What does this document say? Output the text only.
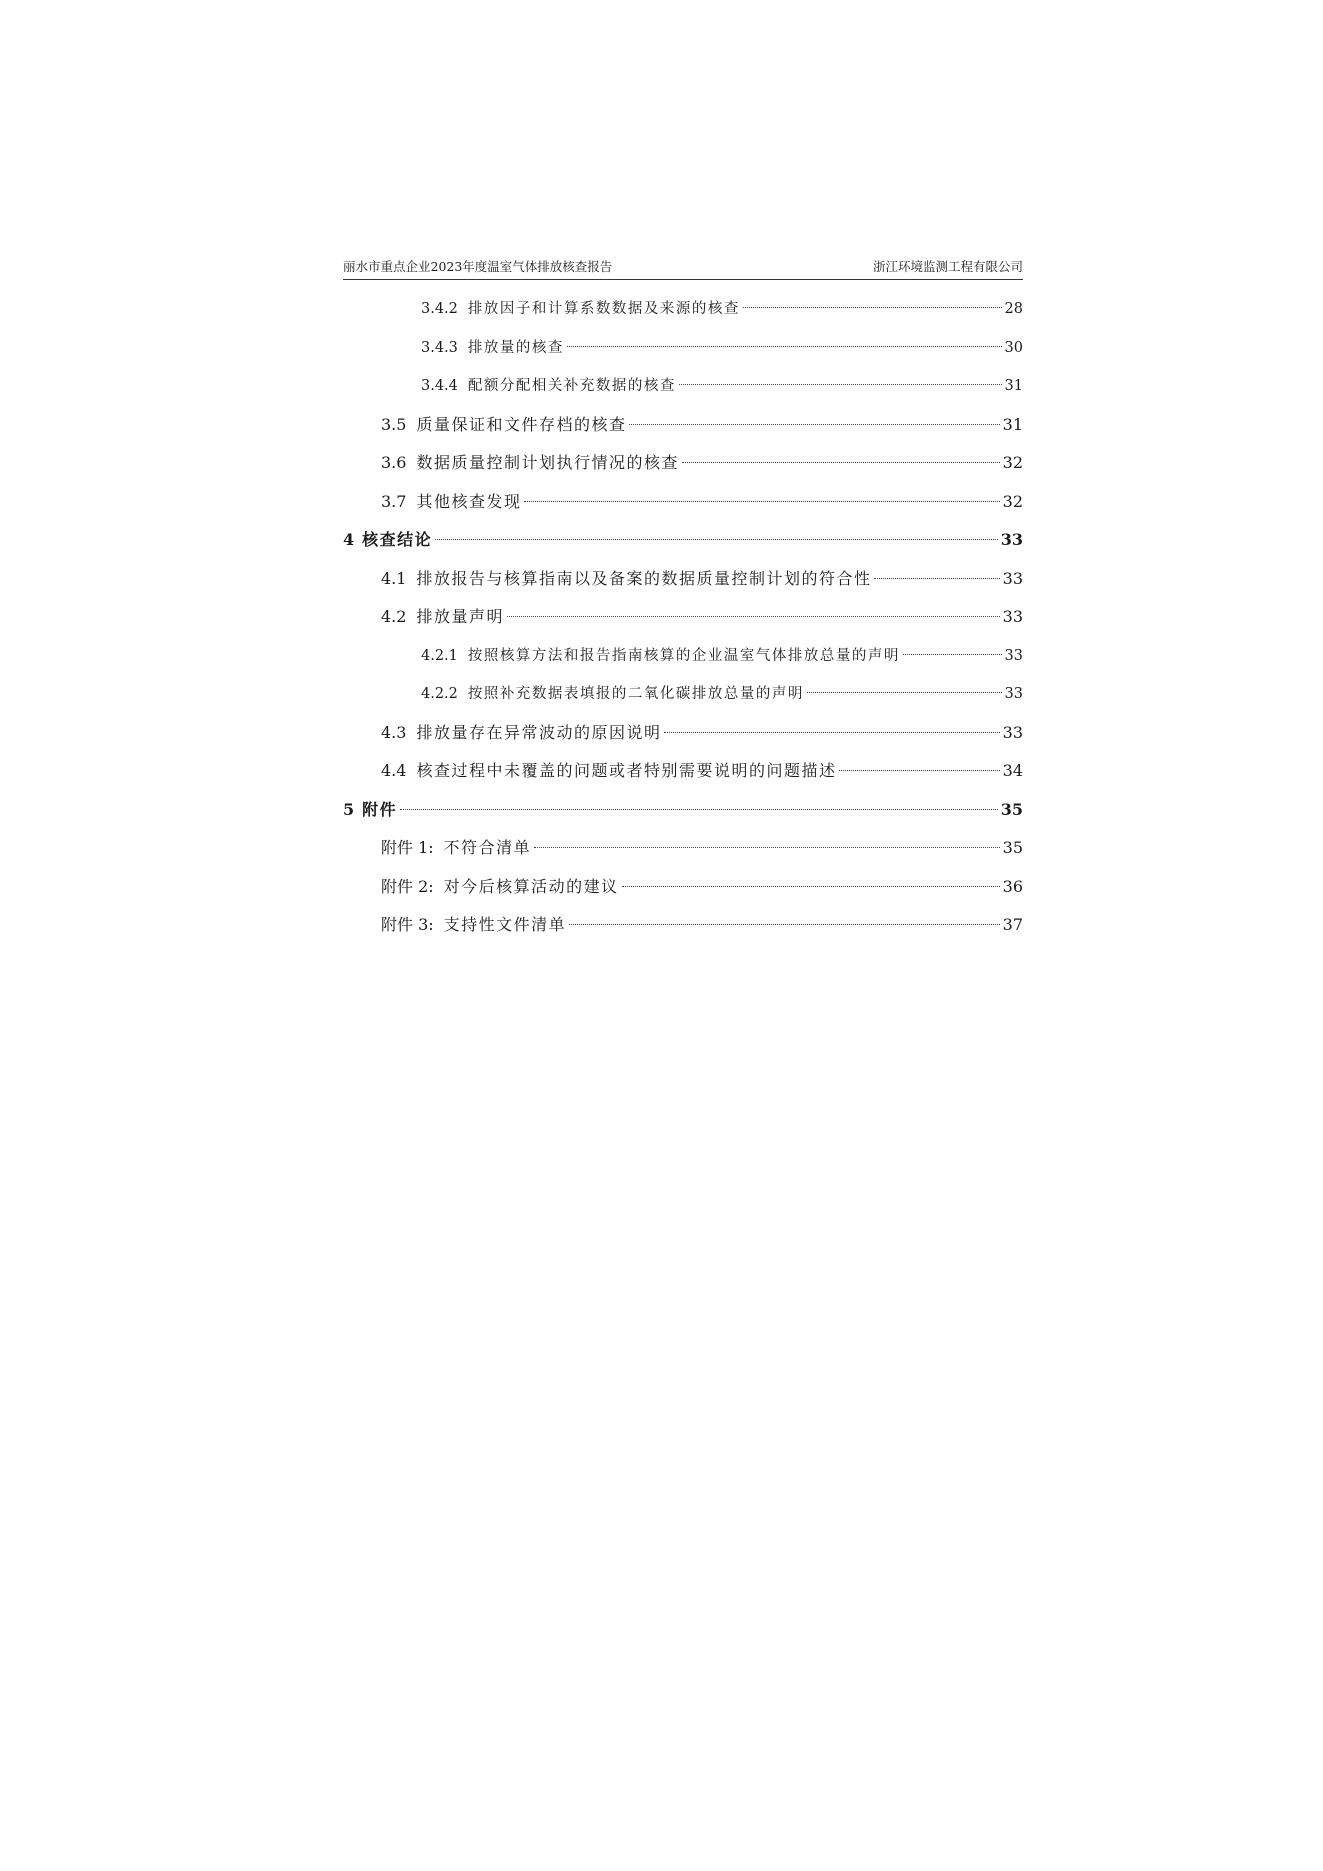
丽水市重点企业2023年度温室气体排放核查报告	浙江环境监测工程有限公司
3.4.2 排放因子和计算系数数据及来源的核查	28
3.4.3 排放量的核查	30
3.4.4 配额分配相关补充数据的核查	31
3.5 质量保证和文件存档的核查	31
3.6 数据质量控制计划执行情况的核查	32
3.7 其他核查发现	32
4 核查结论	33
4.1 排放报告与核算指南以及备案的数据质量控制计划的符合性	33
4.2 排放量声明	33
4.2.1 按照核算方法和报告指南核算的企业温室气体排放总量的声明	33
4.2.2 按照补充数据表填报的二氧化碳排放总量的声明	33
4.3 排放量存在异常波动的原因说明	33
4.4 核查过程中未覆盖的问题或者特别需要说明的问题描述	34
5 附件	35
附件 1: 不符合清单	35
附件 2: 对今后核算活动的建议	36
附件 3: 支持性文件清单	37
